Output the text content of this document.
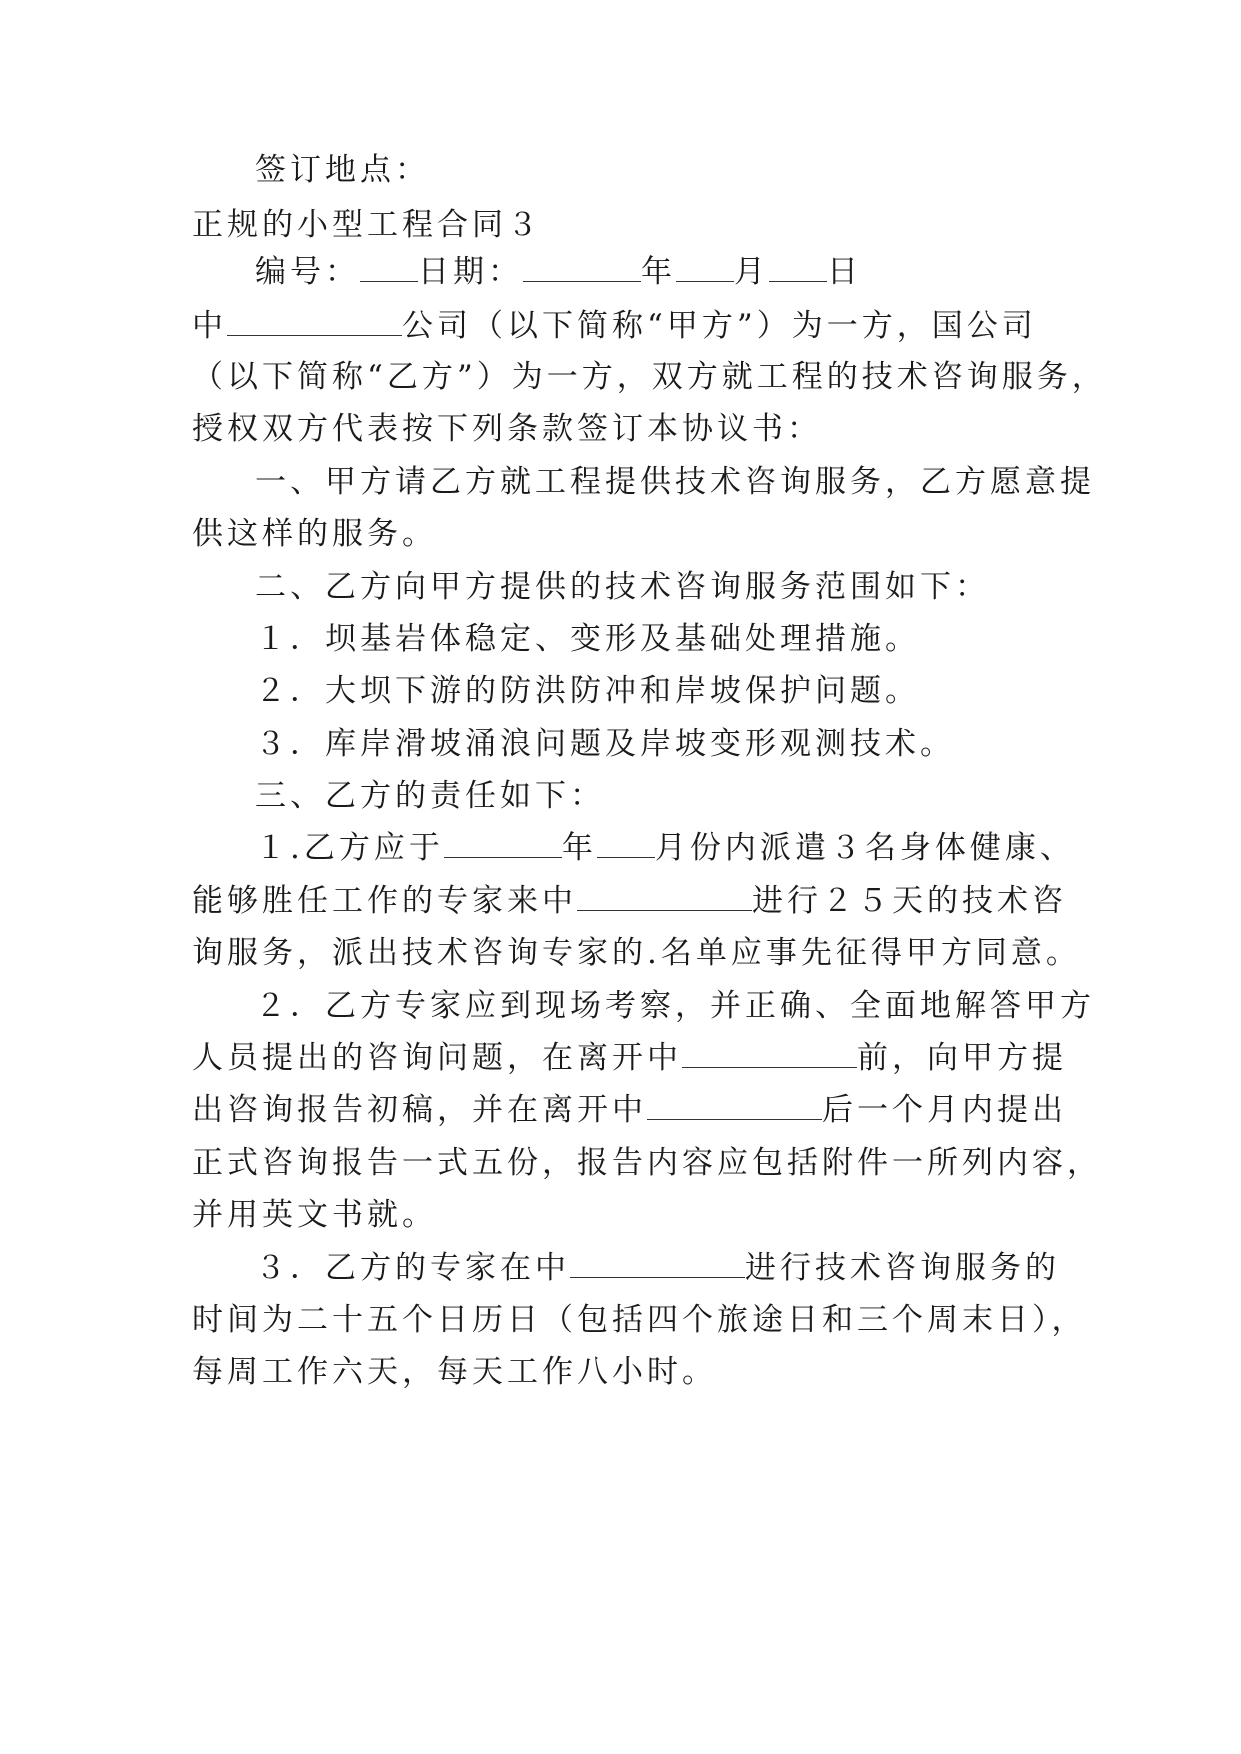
签订地点：
正规的小型工程合同３
编号： 日期：	年 月 日
中	公司（以下简称“甲方”）为一方，国公司
（以下简称“乙方”）为一方，双方就工程的技术咨询服务，
授权双方代表按下列条款签订本协议书：
一、甲方请乙方就工程提供技术咨询服务，乙方愿意提
供这样的服务。
二、乙方向甲方提供的技术咨询服务范围如下：
１．坝基岩体稳定、变形及基础处理措施。
２．大坝下游的防洪防冲和岸坡保护问题。
３．库岸滑坡涌浪问题及岸坡变形观测技术。
三、乙方的责任如下：
１.乙方应于	年 月份内派遣３名身体健康、
能够胜任工作的专家来中	进行２５天的技术咨
询服务，派出技术咨询专家的.名单应事先征得甲方同意。
２．乙方专家应到现场考察，并正确、全面地解答甲方
人员提出的咨询问题，在离开中	前，向甲方提
出咨询报告初稿，并在离开中	后一个月内提出
正式咨询报告一式五份，报告内容应包括附件一所列内容，
并用英文书就。
３．乙方的专家在中	进行技术咨询服务的
时间为二十五个日历日（包括四个旅途日和三个周末日），
每周工作六天，每天工作八小时。
